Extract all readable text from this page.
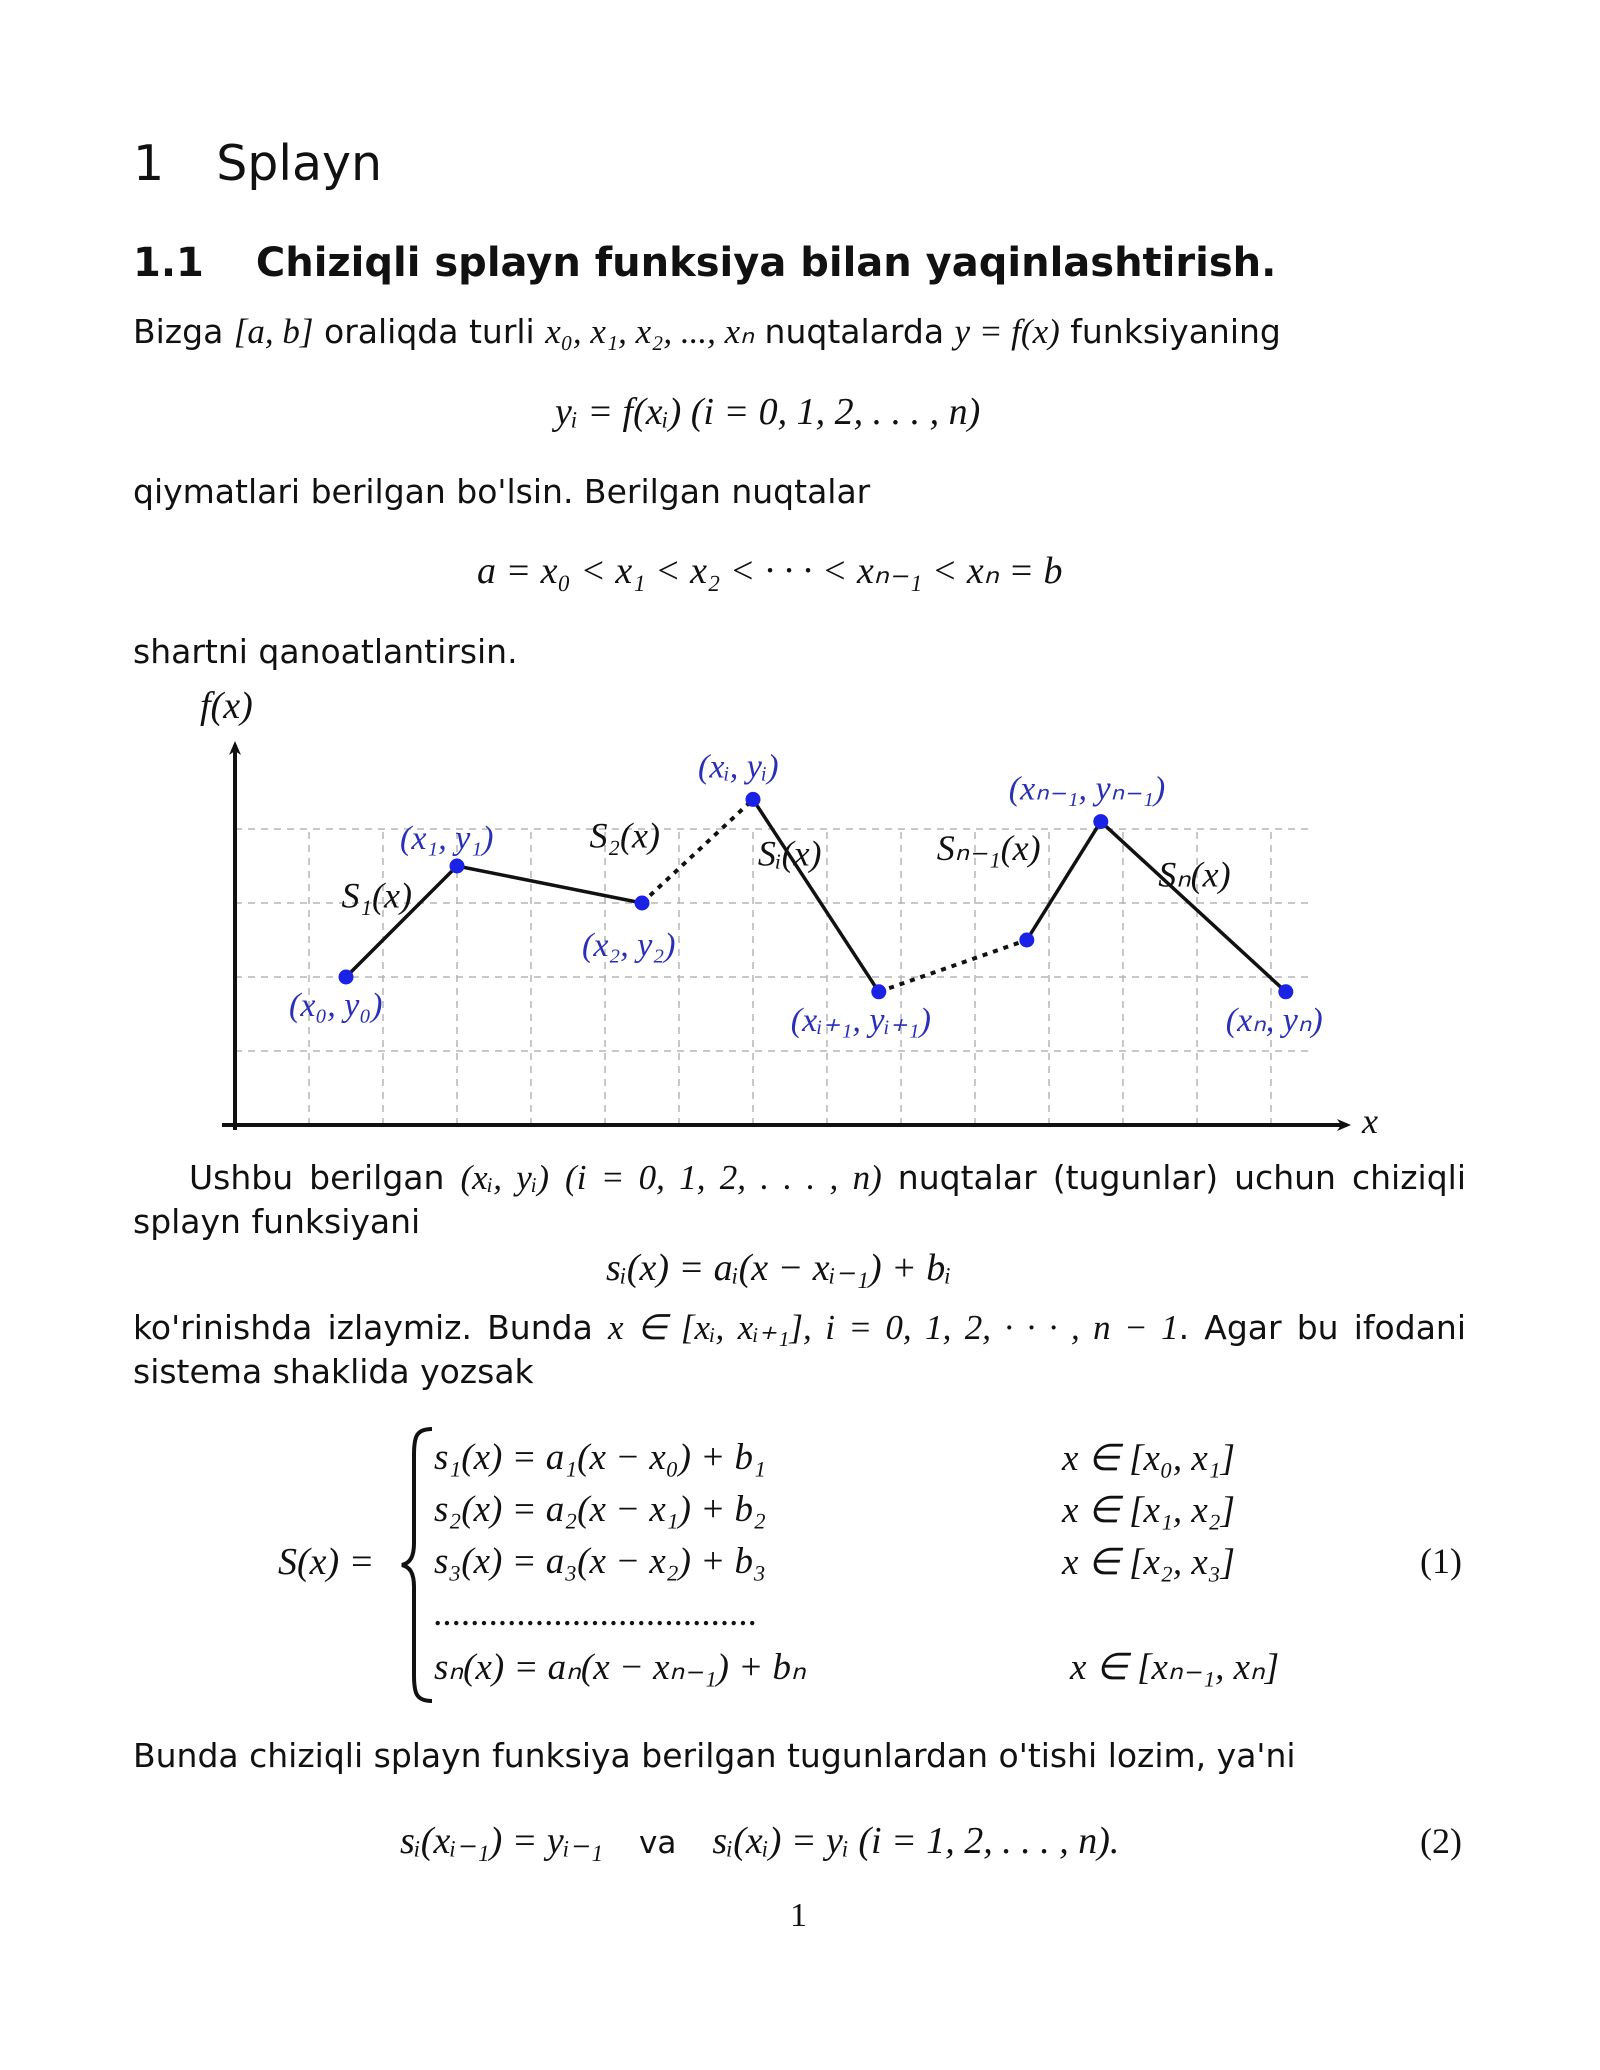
1 Splayn
1.1 Chiziqli splayn funksiya bilan yaqinlashtirish.
Bizga [a, b] oraliqda turli x₀, x₁, x₂, ..., xₙ nuqtalarda y = f(x) funksiyaning
yᵢ = f(xᵢ) (i = 0, 1, 2, . . . , n)
qiymatlari berilgan bo'lsin. Berilgan nuqtalar
a = x₀ < x₁ < x₂ < · · · < xₙ₋₁ < xₙ = b
shartni qanoatlantirsin.
f(x)
x
(x₀, y₀)
(x₁, y₁)
(x₂, y₂)
(xᵢ, yᵢ)
(xᵢ₊₁, yᵢ₊₁)
(xₙ₋₁, yₙ₋₁)
(xₙ, yₙ)
S₁(x)
S₂(x)	Sᵢ(x)	Sₙ₋₁(x)
Sₙ(x)
Ushbu berilgan (xᵢ, yᵢ) (i = 0, 1, 2, . . . , n) nuqtalar (tugunlar) uchun chiziqli splayn funksiyani
sᵢ(x) = aᵢ(x − xᵢ₋₁) + bᵢ
ko'rinishda izlaymiz. Bunda x ∈ [xᵢ, xᵢ₊₁], i = 0, 1, 2, · · · , n − 1. Agar bu ifodani sistema shaklida yozsak
S(x) =
s₁(x) = a₁(x − x₀) + b₁	x ∈ [x₀, x₁]
s₂(x) = a₂(x − x₁) + b₂	x ∈ [x₁, x₂]
s₃(x) = a₃(x − x₂) + b₃	x ∈ [x₂, x₃]
...................................
sₙ(x) = aₙ(x − xₙ₋₁) + bₙ	x ∈ [xₙ₋₁, xₙ]
(1)
Bunda chiziqli splayn funksiya berilgan tugunlardan o'tishi lozim, ya'ni
sᵢ(xᵢ₋₁) = yᵢ₋₁ va sᵢ(xᵢ) = yᵢ (i = 1, 2, . . . , n).	(2)
1
